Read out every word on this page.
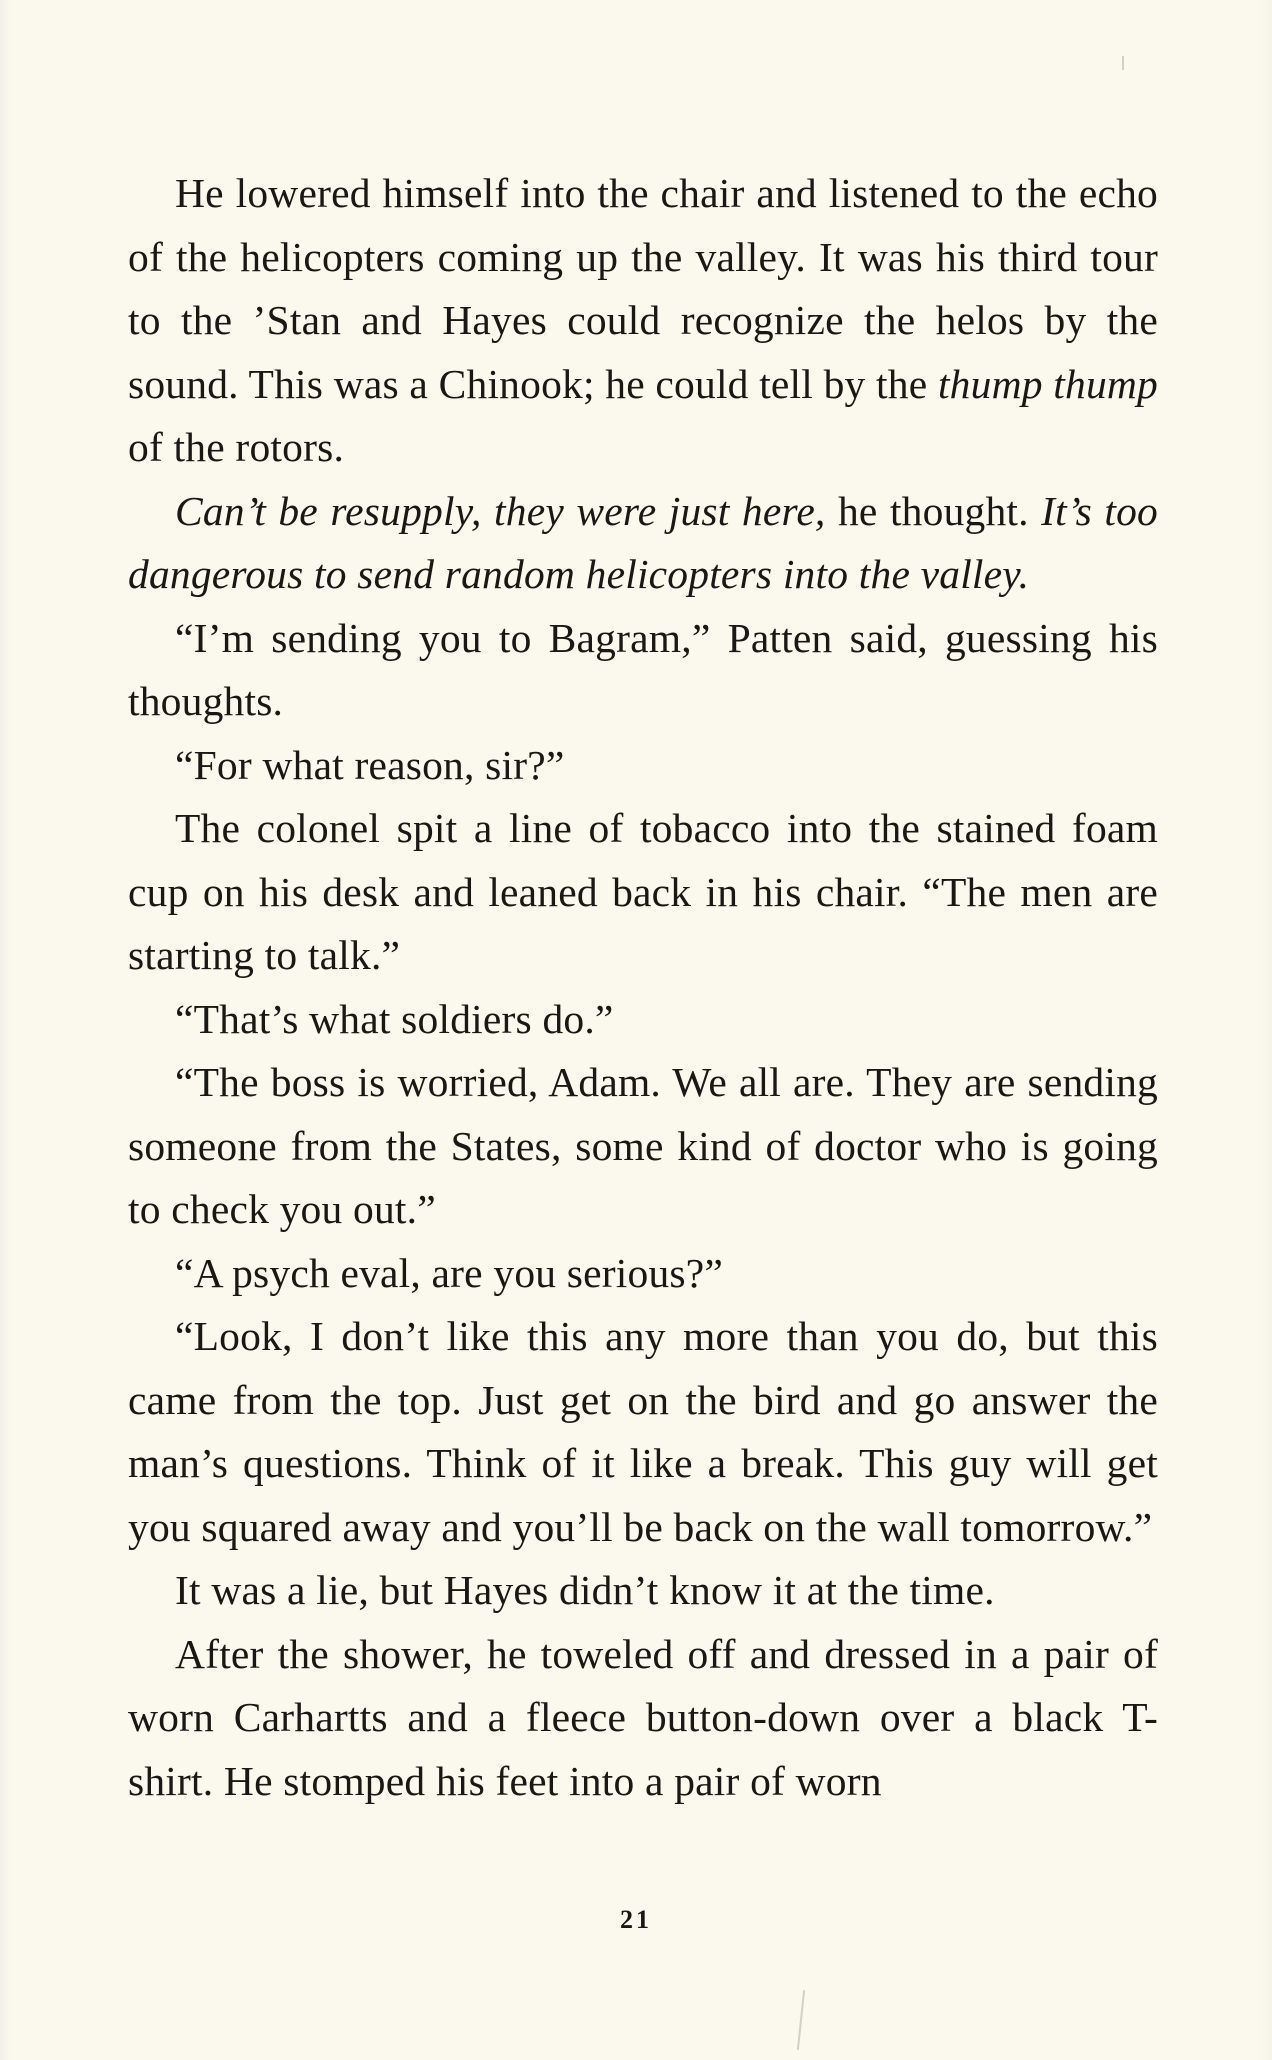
He lowered himself into the chair and listened to the echo of the helicopters coming up the valley. It was his third tour to the ’Stan and Hayes could recognize the helos by the sound. This was a Chinook; he could tell by the thump thump of the rotors.

Can’t be resupply, they were just here, he thought. It’s too dangerous to send random helicopters into the valley.

“I’m sending you to Bagram,” Patten said, guessing his thoughts.

“For what reason, sir?”

The colonel spit a line of tobacco into the stained foam cup on his desk and leaned back in his chair. “The men are starting to talk.”

“That’s what soldiers do.”

“The boss is worried, Adam. We all are. They are sending someone from the States, some kind of doctor who is going to check you out.”

“A psych eval, are you serious?”

“Look, I don’t like this any more than you do, but this came from the top. Just get on the bird and go answer the man’s questions. Think of it like a break. This guy will get you squared away and you’ll be back on the wall tomorrow.”

It was a lie, but Hayes didn’t know it at the time.

After the shower, he toweled off and dressed in a pair of worn Carhartts and a fleece button-down over a black T-shirt. He stomped his feet into a pair of worn

21
